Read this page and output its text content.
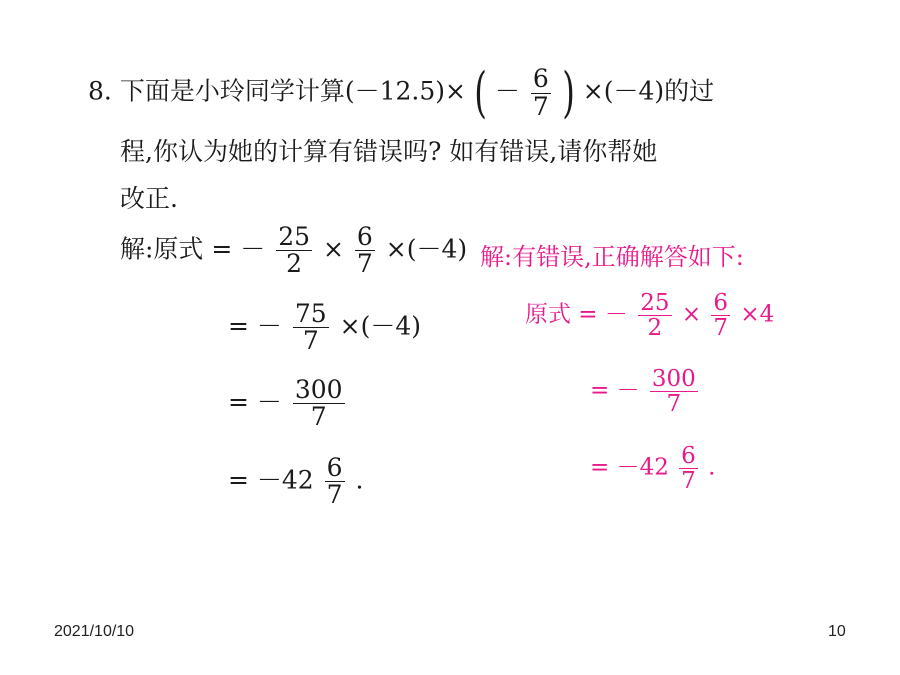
8. 下面是小玲同学计算(－12.5)× ( － $\frac{6}{7}$ ) ×(－4)的过
程,你认为她的计算有错误吗? 如有错误,请你帮她
改正.
解:原式 = － $\frac{25}{2} \times \frac{6}{7} \times(-4)$
= － $\frac{75}{7} \times(-4)$
= － $\frac{300}{7}$
= $-42 \frac{6}{7}$ .
解:有错误,正确解答如下:
原式 = － $\frac{25}{2} \times \frac{6}{7} \times 4$
= － $\frac{300}{7}$
= $-42 \frac{6}{7}$ .
2021/10/10	10
